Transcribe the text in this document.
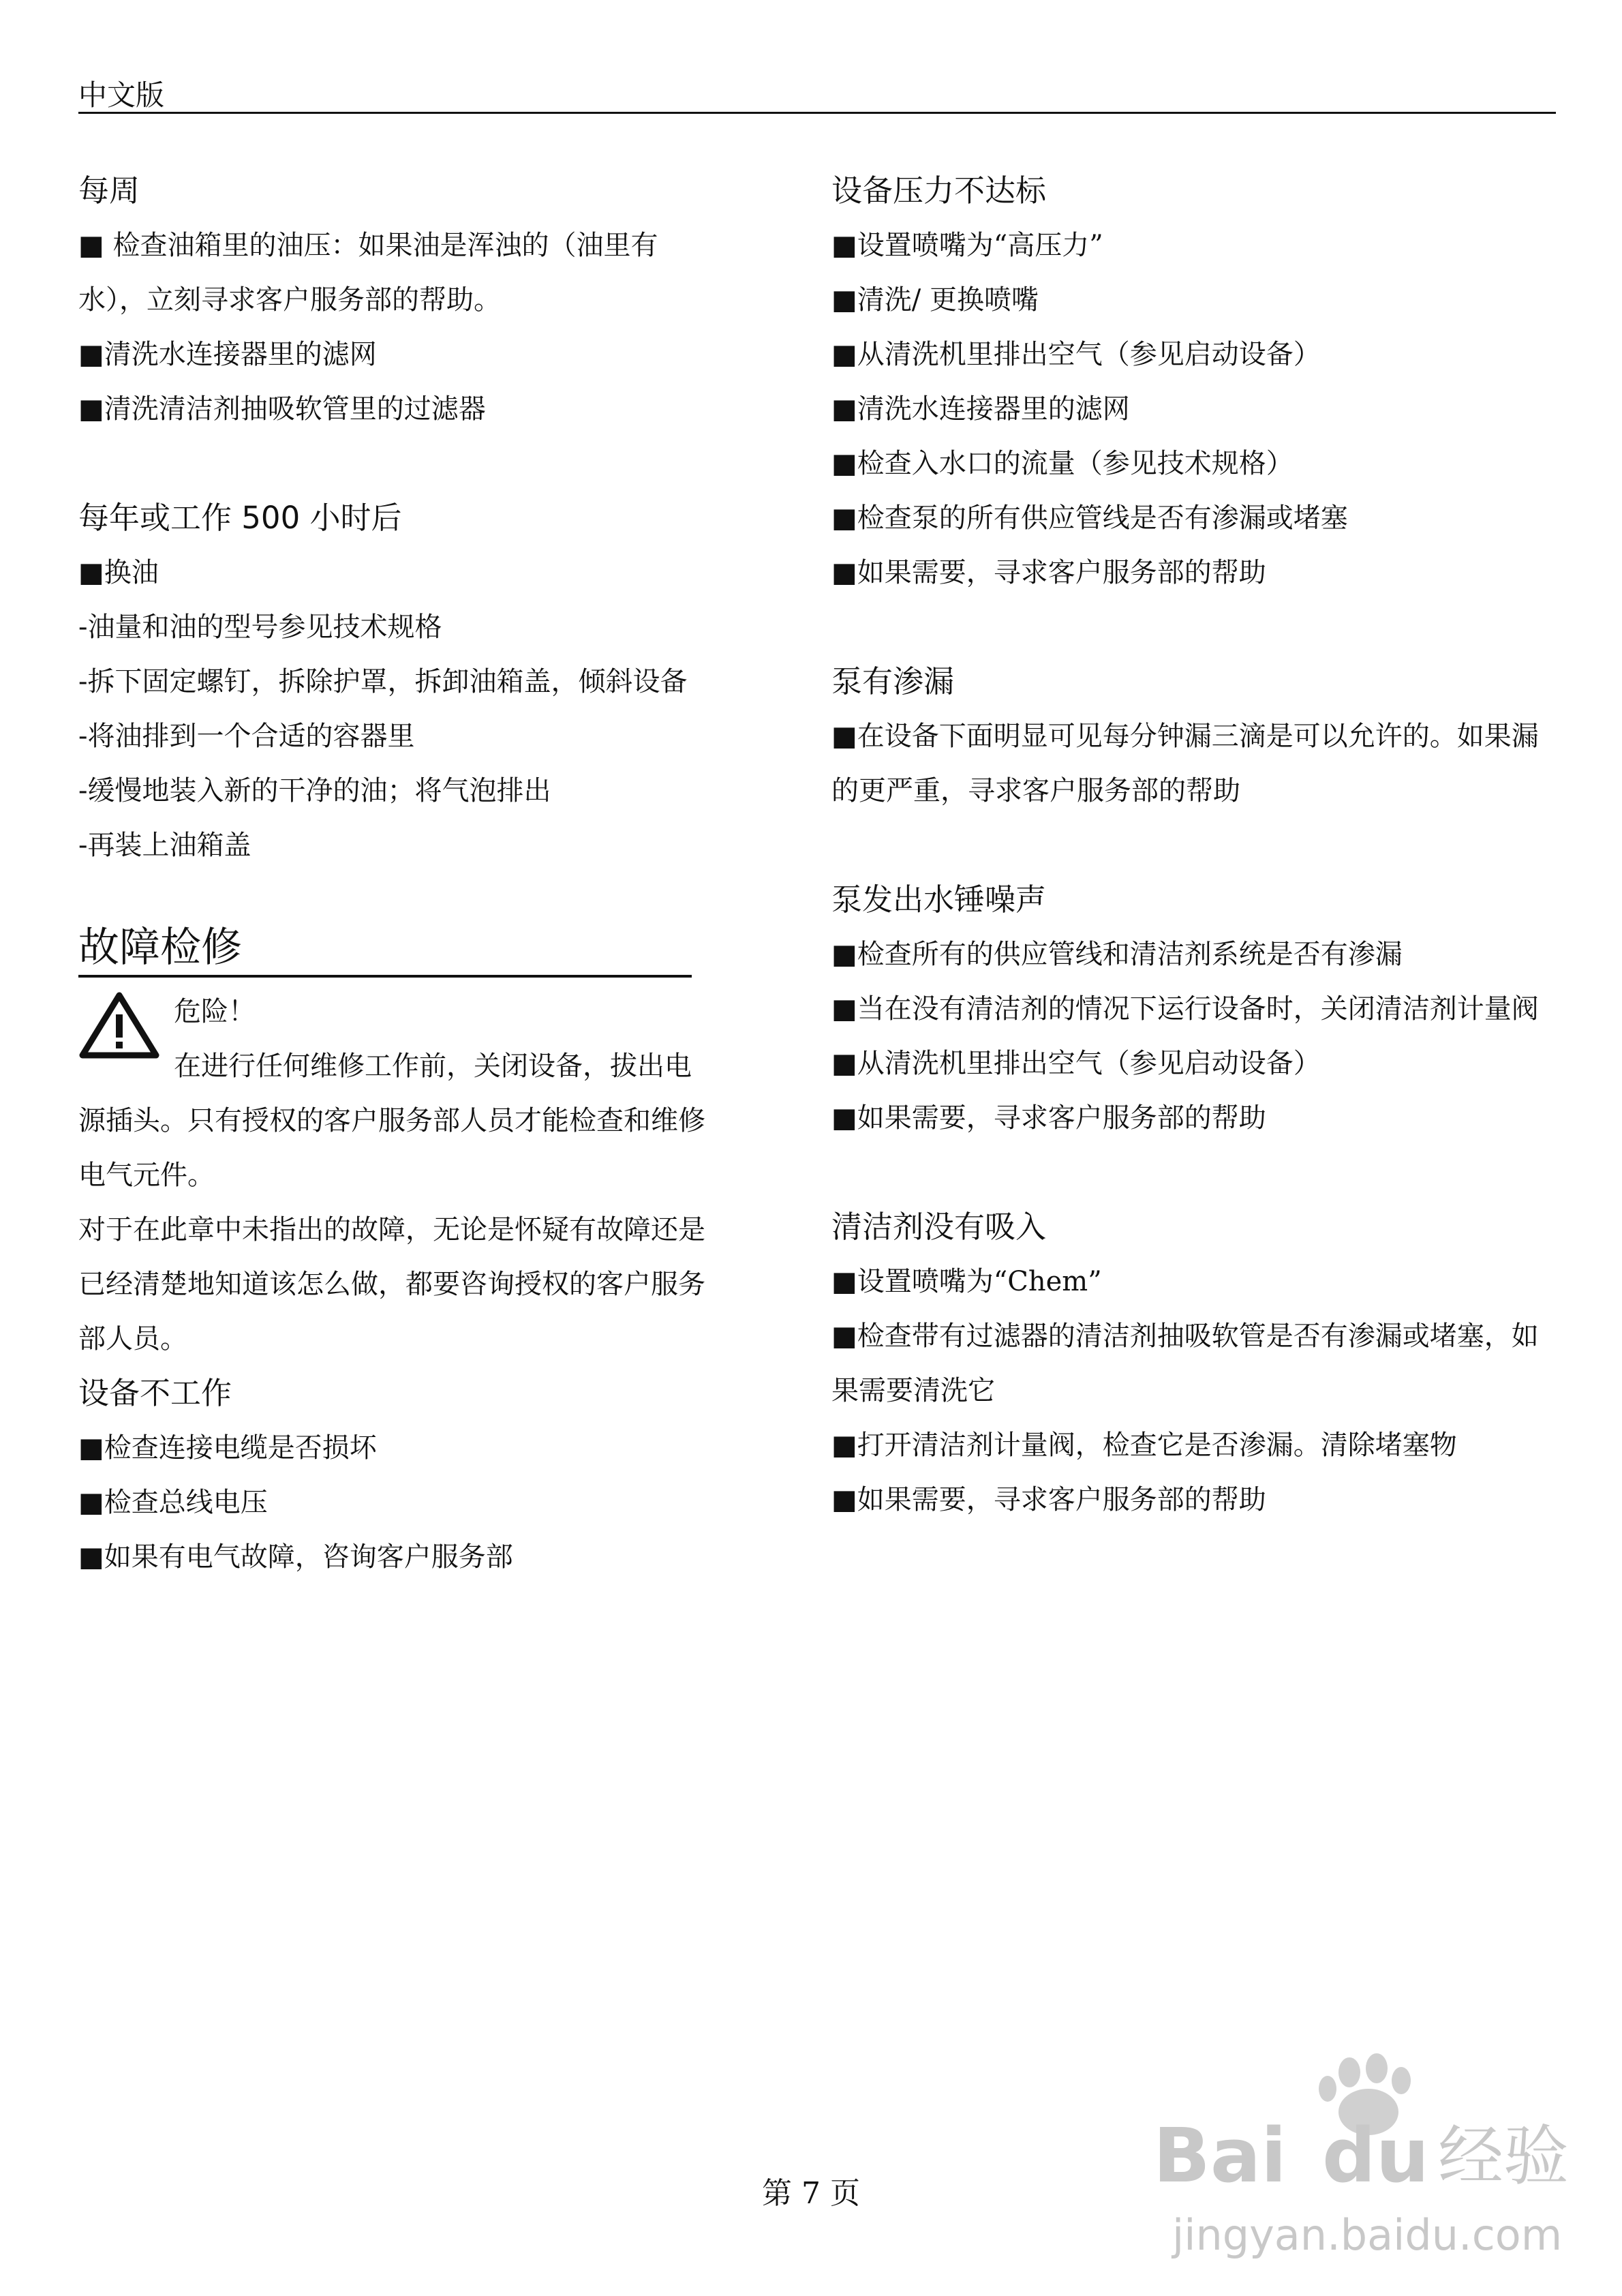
中文版
每周
■ 检查油箱里的油压：如果油是浑浊的（油里有水），立刻寻求客户服务部的帮助。
■清洗水连接器里的滤网
■清洗清洁剂抽吸软管里的过滤器
每年或工作 500 小时后
■换油
-油量和油的型号参见技术规格
-拆下固定螺钉，拆除护罩，拆卸油箱盖，倾斜设备
-将油排到一个合适的容器里
-缓慢地装入新的干净的油；将气泡排出
-再装上油箱盖
故障检修
危险！
在进行任何维修工作前，关闭设备，拔出电
源插头。只有授权的客户服务部人员才能检查和维修电气元件。
对于在此章中未指出的故障，无论是怀疑有故障还是已经清楚地知道该怎么做，都要咨询授权的客户服务部人员。
设备不工作
■检查连接电缆是否损坏
■检查总线电压
■如果有电气故障，咨询客户服务部
设备压力不达标
■设置喷嘴为“高压力”
■清洗/ 更换喷嘴
■从清洗机里排出空气（参见启动设备）
■清洗水连接器里的滤网
■检查入水口的流量（参见技术规格）
■检查泵的所有供应管线是否有渗漏或堵塞
■如果需要，寻求客户服务部的帮助
泵有渗漏
■在设备下面明显可见每分钟漏三滴是可以允许的。如果漏的更严重，寻求客户服务部的帮助
泵发出水锤噪声
■检查所有的供应管线和清洁剂系统是否有渗漏
■当在没有清洁剂的情况下运行设备时，关闭清洁剂计量阀
■从清洗机里排出空气（参见启动设备）
■如果需要，寻求客户服务部的帮助
清洁剂没有吸入
■设置喷嘴为“Chem”
■检查带有过滤器的清洁剂抽吸软管是否有渗漏或堵塞，如果需要清洗它
■打开清洁剂计量阀，检查它是否渗漏。清除堵塞物
■如果需要，寻求客户服务部的帮助
第 7 页	Bai du 经验
jingyan.baidu.com
